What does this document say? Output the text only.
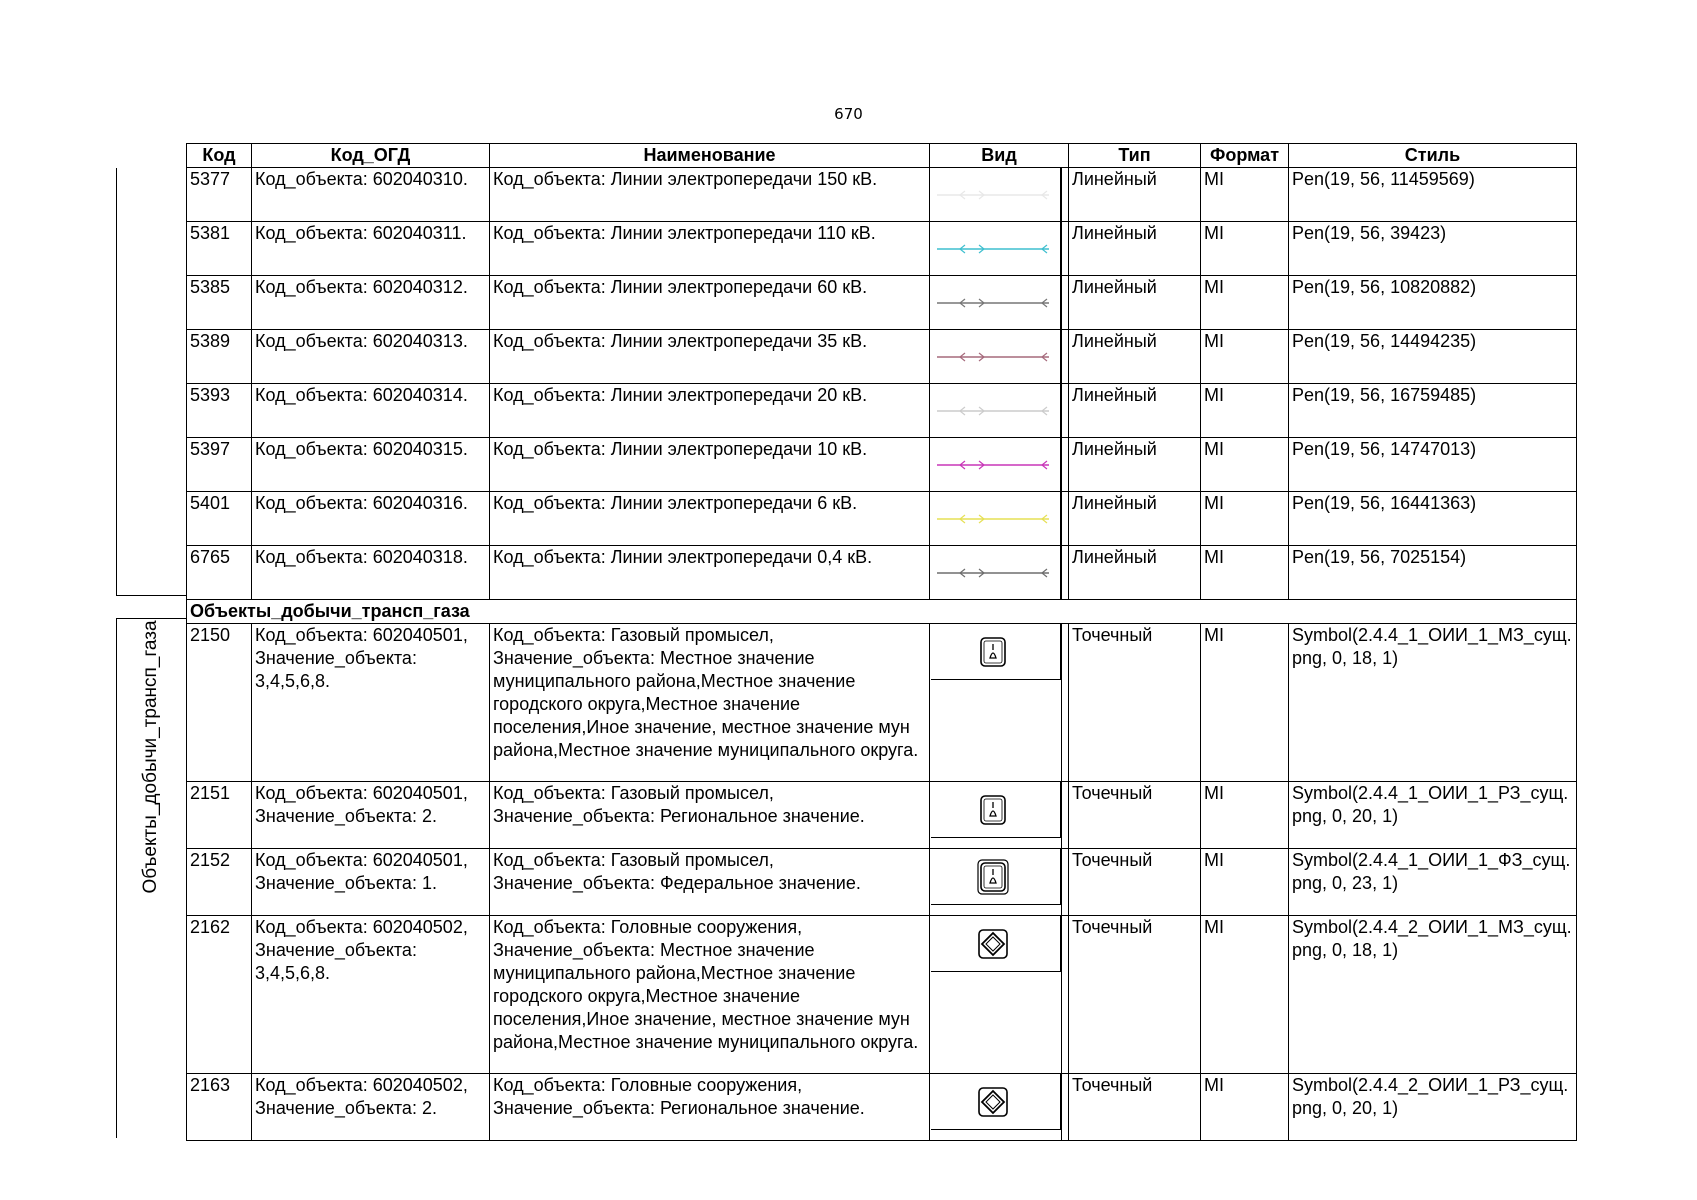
670
Объекты_добычи_трансп_газа
Код	Код_ОГД	Наименование	Вид	Тип	Формат	Стиль
5377	Код_объекта: 602040310.	Код_объекта: Линии электропередачи 150 кВ.		Линейный	MI	Pen(19, 56, 11459569)
5381	Код_объекта: 602040311.	Код_объекта: Линии электропередачи 110 кВ.		Линейный	MI	Pen(19, 56, 39423)
5385	Код_объекта: 602040312.	Код_объекта: Линии электропередачи 60 кВ.		Линейный	MI	Pen(19, 56, 10820882)
5389	Код_объекта: 602040313.	Код_объекта: Линии электропередачи 35 кВ.		Линейный	MI	Pen(19, 56, 14494235)
5393	Код_объекта: 602040314.	Код_объекта: Линии электропередачи 20 кВ.		Линейный	MI	Pen(19, 56, 16759485)
5397	Код_объекта: 602040315.	Код_объекта: Линии электропередачи 10 кВ.		Линейный	MI	Pen(19, 56, 14747013)
5401	Код_объекта: 602040316.	Код_объекта: Линии электропередачи 6 кВ.		Линейный	MI	Pen(19, 56, 16441363)
6765	Код_объекта: 602040318.	Код_объекта: Линии электропередачи 0,4 кВ.		Линейный	MI	Pen(19, 56, 7025154)
Объекты_добычи_трансп_газа						
2150	Код_объекта: 602040501, Значение_объекта: 3,4,5,6,8.	Код_объекта: Газовый промысел, Значение_объекта: Местное значение муниципального района,Местное значение городского округа,Местное значение поселения,Иное значение, местное значение мун района,Местное значение муниципального округа.		Точечный	MI	Symbol(2.4.4_1_ОИИ_1_МЗ_сущ.png, 0, 18, 1)
2151	Код_объекта: 602040501, Значение_объекта: 2.	Код_объекта: Газовый промысел, Значение_объекта: Региональное значение.		Точечный	MI	Symbol(2.4.4_1_ОИИ_1_РЗ_сущ.png, 0, 20, 1)
2152	Код_объекта: 602040501, Значение_объекта: 1.	Код_объекта: Газовый промысел, Значение_объекта: Федеральное значение.		Точечный	MI	Symbol(2.4.4_1_ОИИ_1_ФЗ_сущ.png, 0, 23, 1)
2162	Код_объекта: 602040502, Значение_объекта: 3,4,5,6,8.	Код_объекта: Головные сооружения, Значение_объекта: Местное значение муниципального района,Местное значение городского округа,Местное значение поселения,Иное значение, местное значение мун района,Местное значение муниципального округа.		Точечный	MI	Symbol(2.4.4_2_ОИИ_1_МЗ_сущ.png, 0, 18, 1)
2163	Код_объекта: 602040502, Значение_объекта: 2.	Код_объекта: Головные сооружения, Значение_объекта: Региональное значение.		Точечный	MI	Symbol(2.4.4_2_ОИИ_1_РЗ_сущ.png, 0, 20, 1)
